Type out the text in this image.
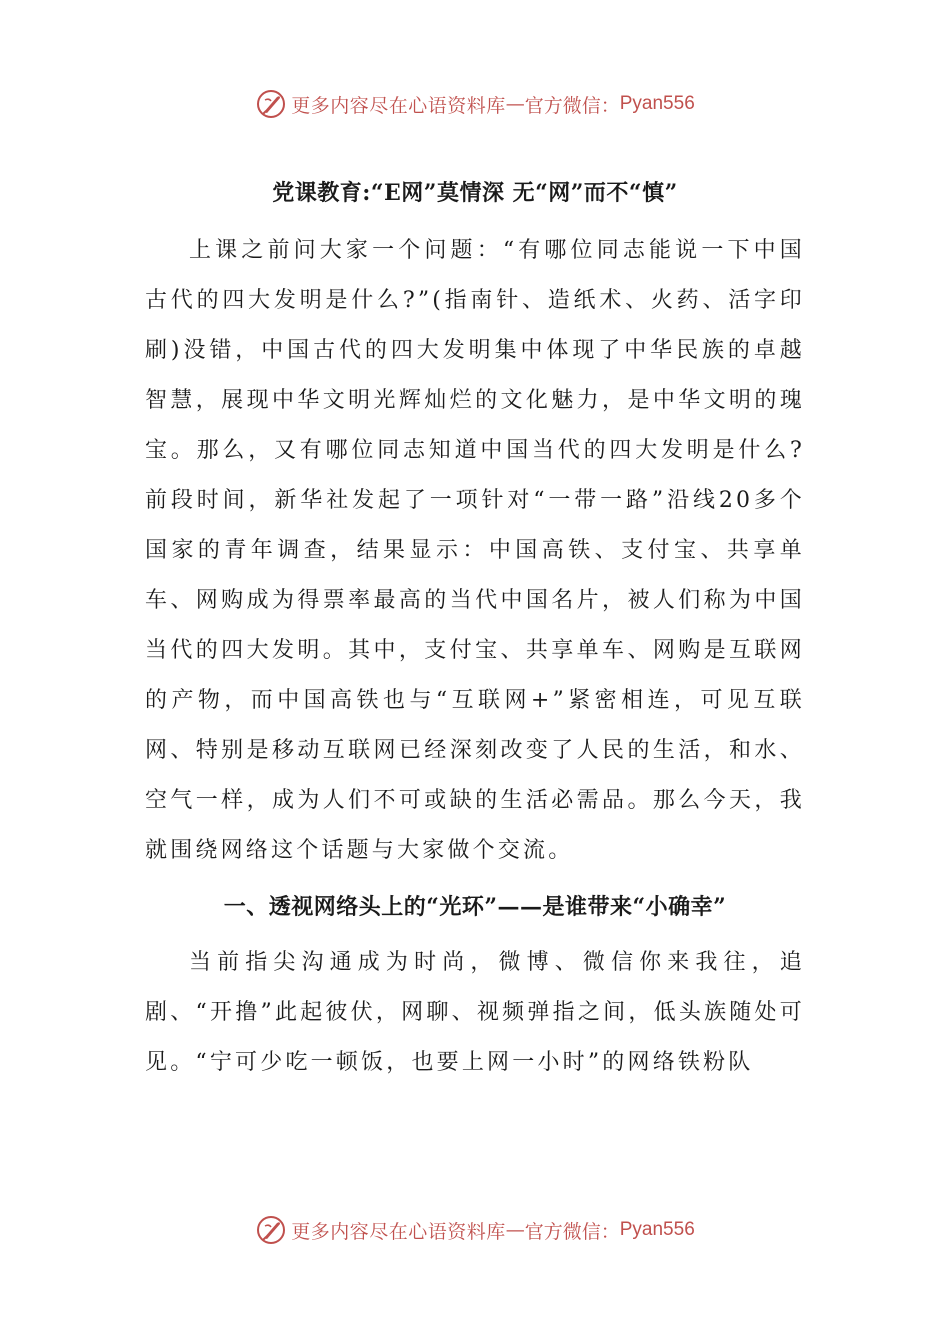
更多内容尽在心语资料库 — 官方微信： Pyan556
党课教育:“E网”莫情深 无“网”而不“慎”

上课之前问大家一个问题：“有哪位同志能说一下中国古代的四大发明是什么?”(指南针、造纸术、火药、活字印刷)没错，中国古代的四大发明集中体现了中华民族的卓越智慧，展现中华文明光辉灿烂的文化魅力，是中华文明的瑰宝。那么，又有哪位同志知道中国当代的四大发明是什么?前段时间，新华社发起了一项针对“一带一路”沿线20多个国家的青年调查，结果显示：中国高铁、支付宝、共享单车、网购成为得票率最高的当代中国名片，被人们称为中国当代的四大发明。其中，支付宝、共享单车、网购是互联网的产物，而中国高铁也与“互联网+”紧密相连，可见互联网、特别是移动互联网已经深刻改变了人民的生活，和水、空气一样，成为人们不可或缺的生活必需品。那么今天，我就围绕网络这个话题与大家做个交流。

一、透视网络头上的“光环”——是谁带来“小确幸”

当前指尖沟通成为时尚，微博、微信你来我往，追剧、“开撸”此起彼伏，网聊、视频弹指之间，低头族随处可见。“宁可少吃一顿饭，也要上网一小时”的网络铁粉队

更多内容尽在心语资料库 — 官方微信： Pyan556
